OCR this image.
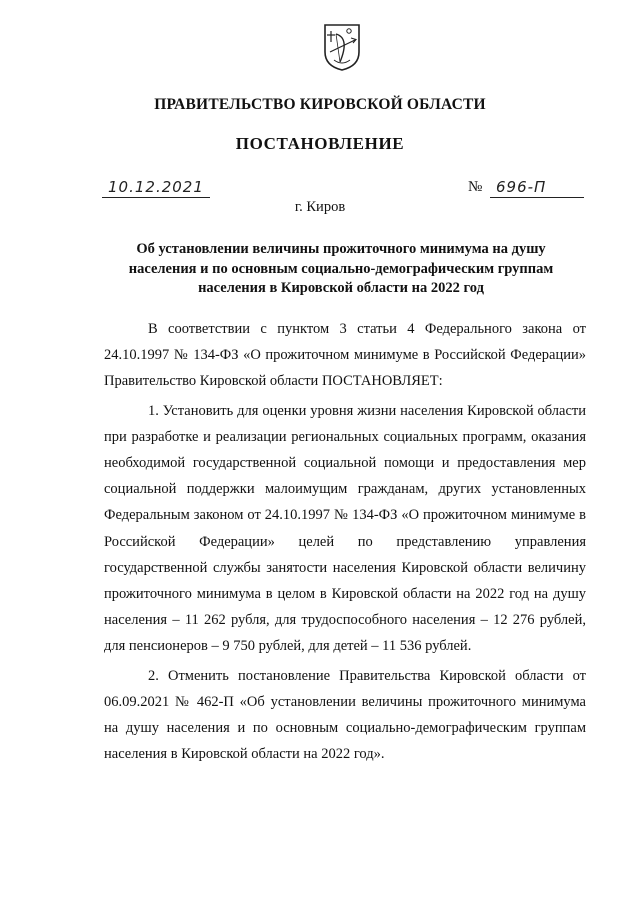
ПРАВИТЕЛЬСТВО КИРОВСКОЙ ОБЛАСТИ
ПОСТАНОВЛЕНИЕ
10.12.2021	№ 696-П
г. Киров
Об установлении величины прожиточного минимума на душу населения и по основным социально-демографическим группам населения в Кировской области на 2022 год

В соответствии с пунктом 3 статьи 4 Федерального закона от 24.10.1997 № 134-ФЗ «О прожиточном минимуме в Российской Федерации» Правительство Кировской области ПОСТАНОВЛЯЕТ:

1. Установить для оценки уровня жизни населения Кировской области при разработке и реализации региональных социальных программ, оказания необходимой государственной социальной помощи и предоставления мер социальной поддержки малоимущим гражданам, других установленных Федеральным законом от 24.10.1997 № 134-ФЗ «О прожиточном минимуме в Российской Федерации» целей по представлению управления государственной службы занятости населения Кировской области величину прожиточного минимума в целом в Кировской области на 2022 год на душу населения – 11 262 рубля, для трудоспособного населения – 12 276 рублей, для пенсионеров – 9 750 рублей, для детей – 11 536 рублей.

2. Отменить постановление Правительства Кировской области от 06.09.2021 № 462-П «Об установлении величины прожиточного минимума на душу населения и по основным социально-демографическим группам населения в Кировской области на 2022 год».
